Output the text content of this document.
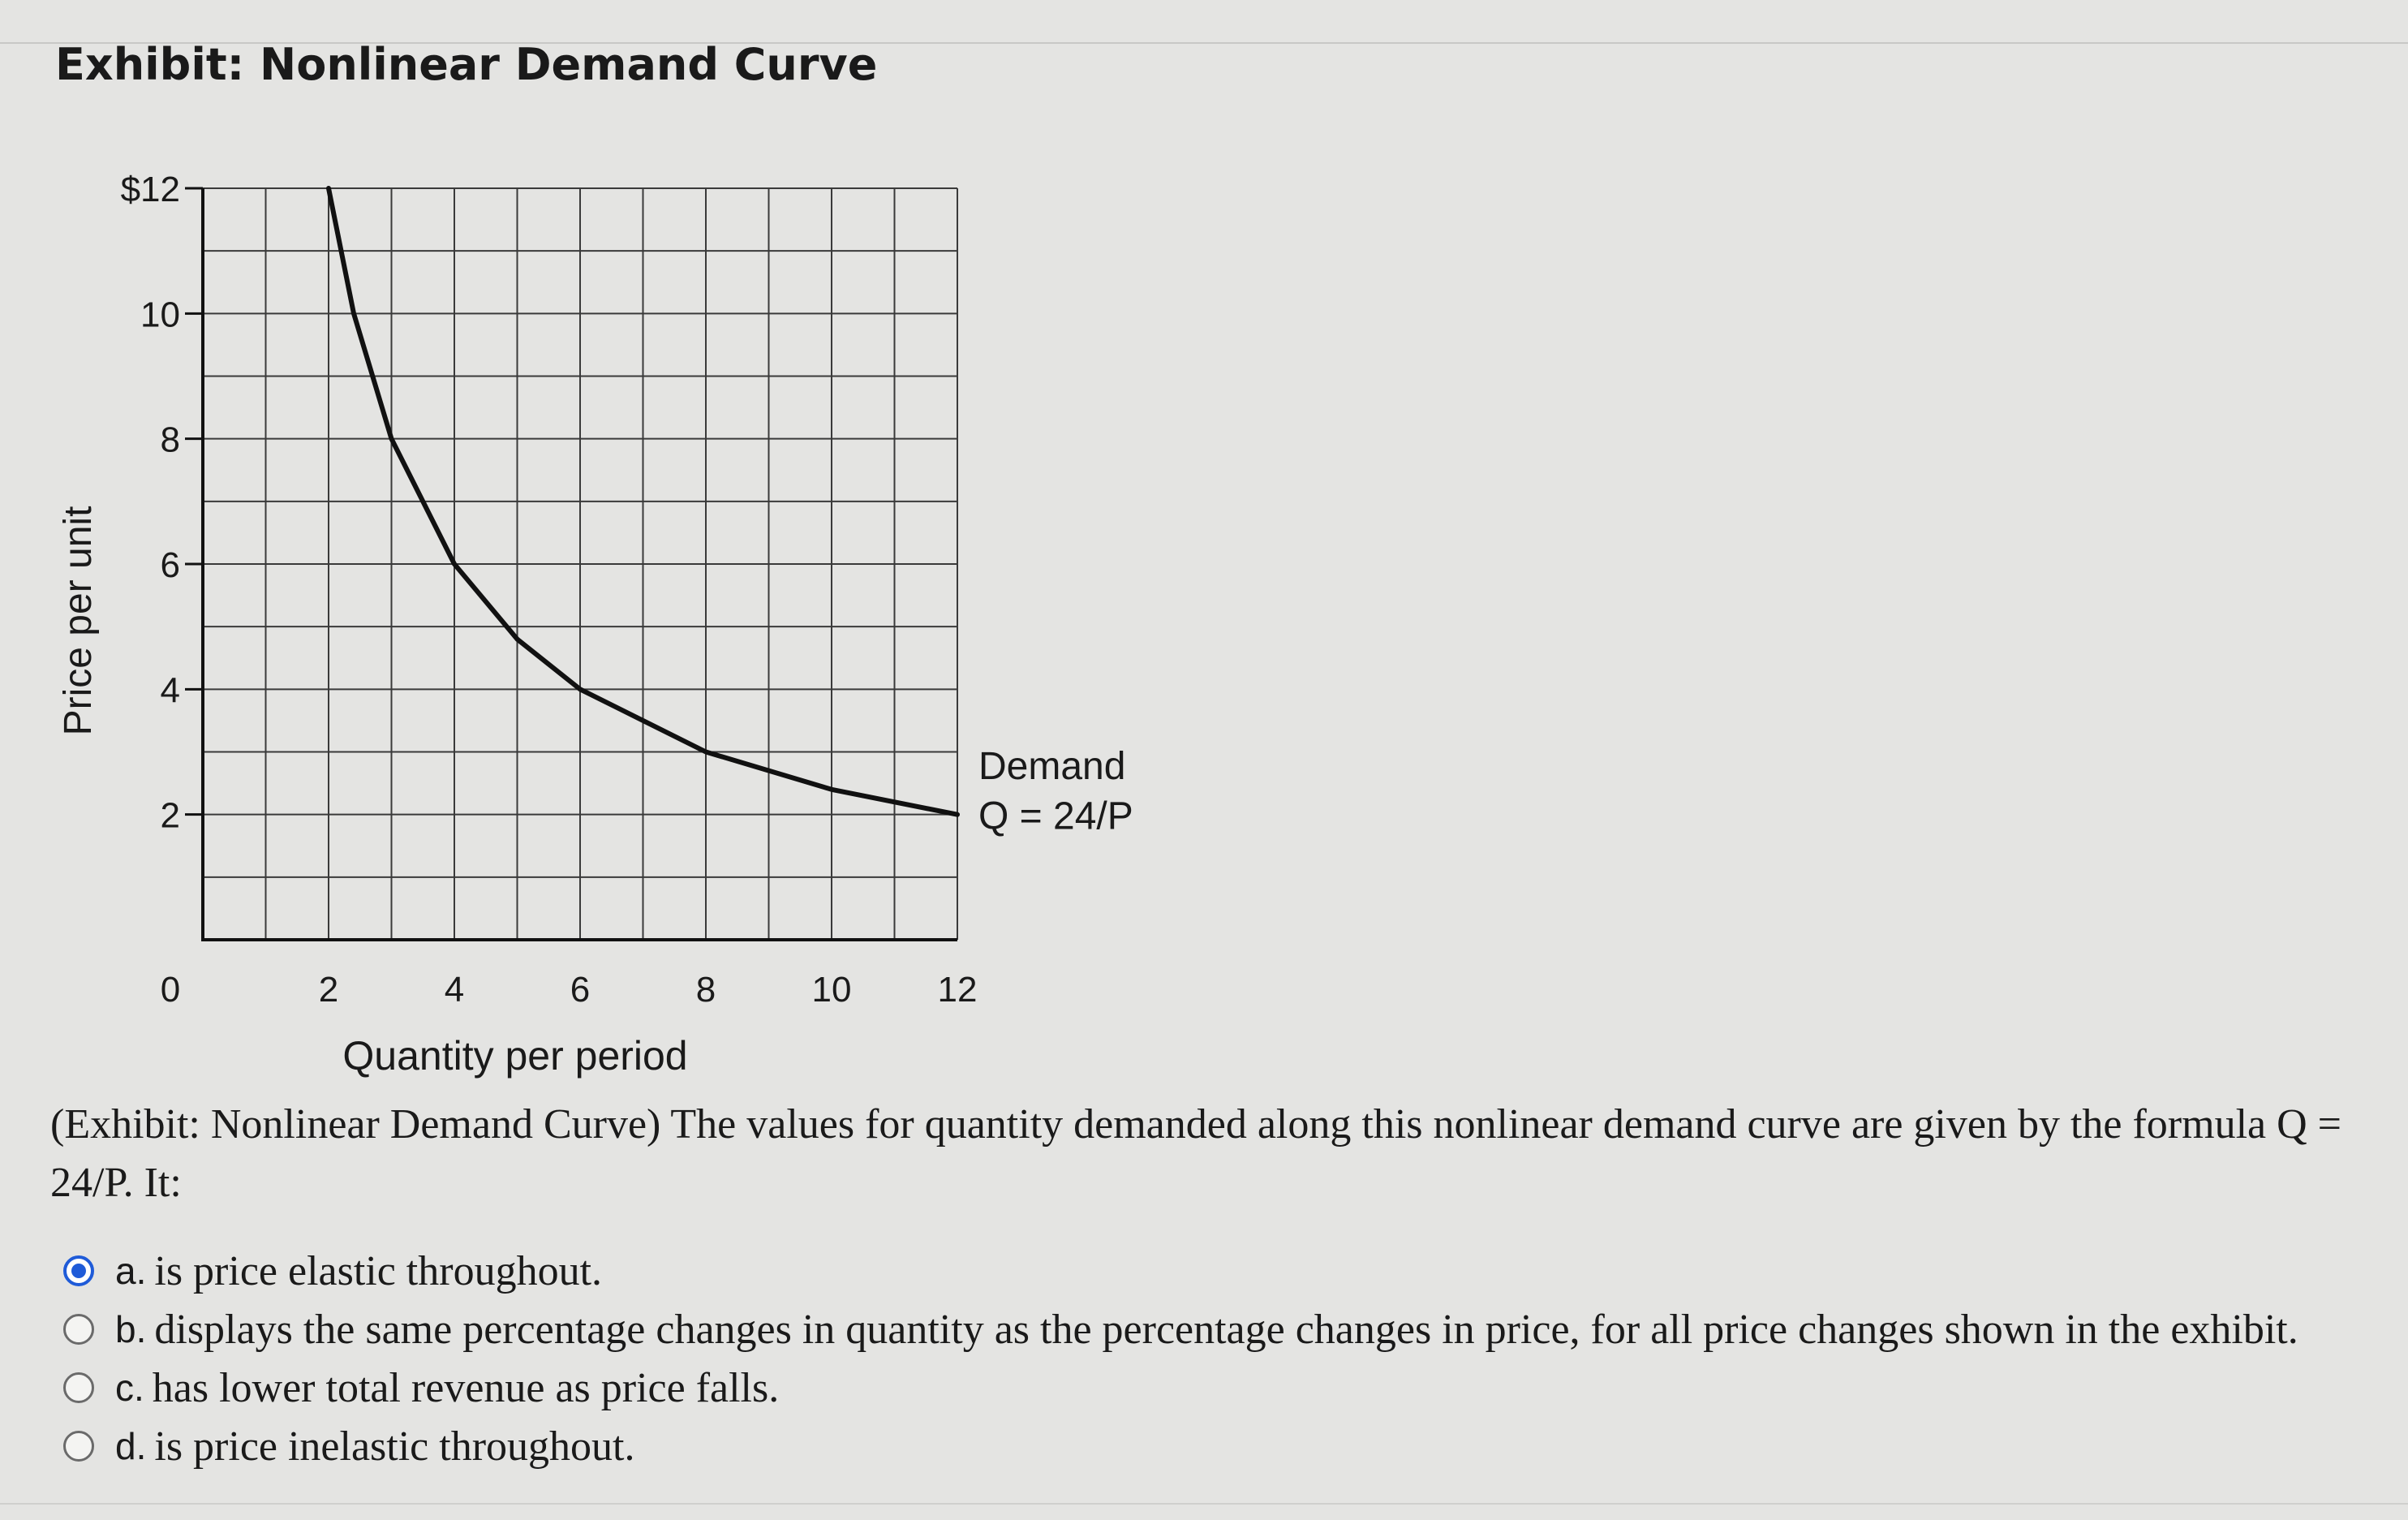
Exhibit: Nonlinear Demand Curve
2
4
6
8
10
$12
0	2	4	6	8	10 12
Quantity per period
Price per unit
Demand
Q = 24/P
(Exhibit: Nonlinear Demand Curve) The values for quantity demanded along this nonlinear demand curve are given by the formula Q = 24/P. It:
a. is price elastic throughout.
b. displays the same percentage changes in quantity as the percentage changes in price, for all price changes shown in the exhibit.
c. has lower total revenue as price falls.
d. is price inelastic throughout.
